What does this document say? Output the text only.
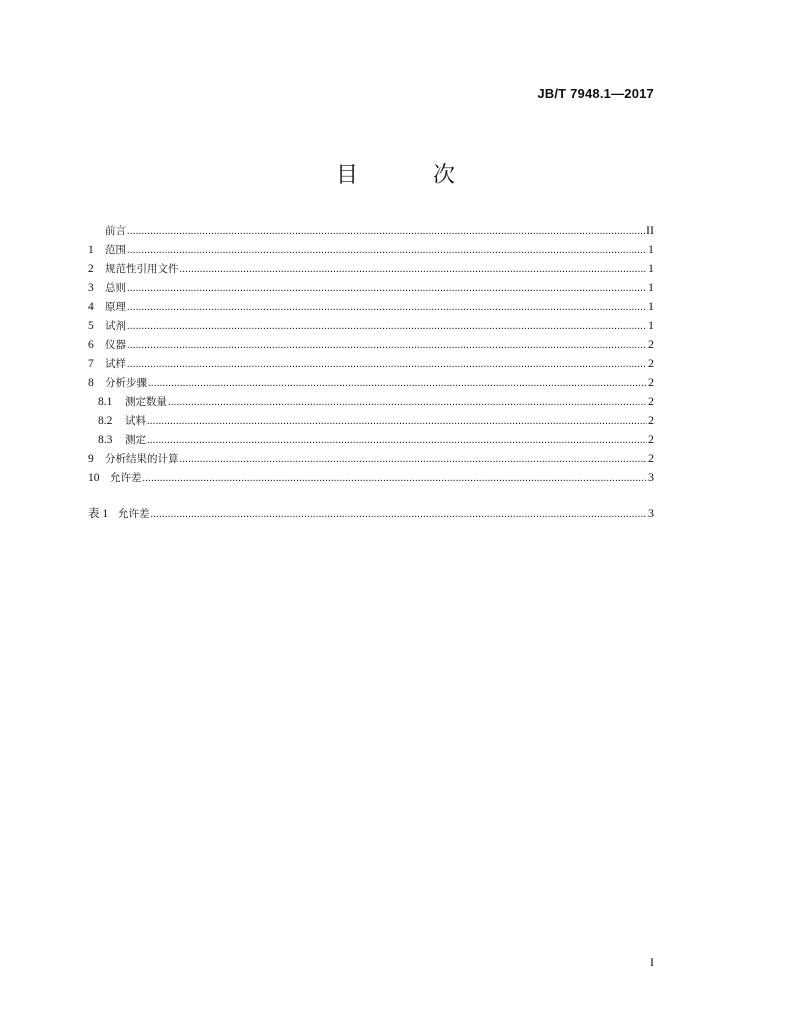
JB/T 7948.1—2017
目 次
前言 .....	II
1	范围 .....	1
2	规范性引用文件 .....	1
3	总则 .....	1
4	原理 .....	1
5	试剂 .....	1
6	仪器 .....	2
7	试样 .....	2
8	分析步骤 .....	2
8.1	测定数量 .....	2
8.2	试料 .....	2
8.3	测定 .....	2
9	分析结果的计算 .....	2
10	允许差 .....	3
表 1 允许差 .....	3
I
